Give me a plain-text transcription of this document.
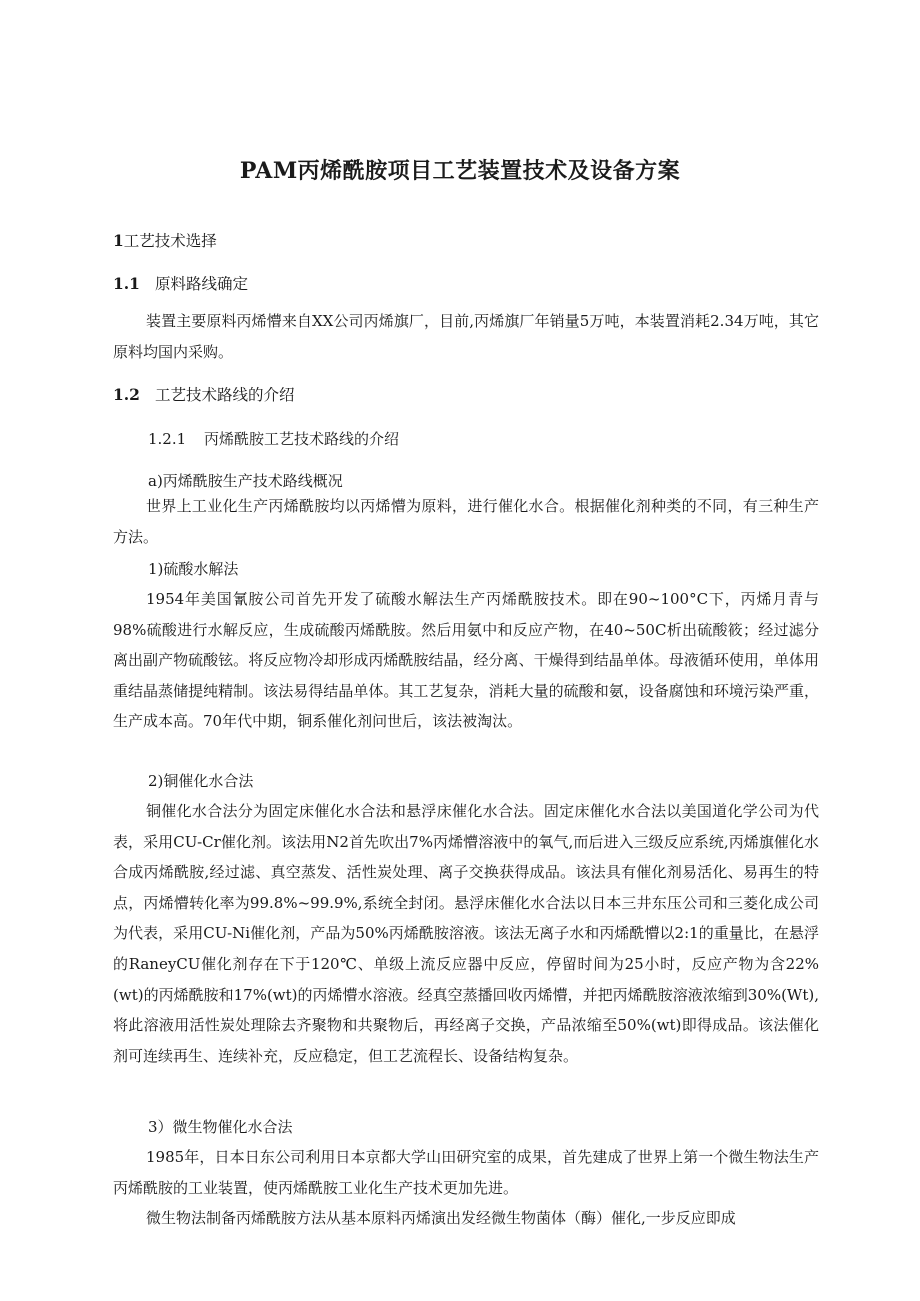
PAM丙烯酰胺项目工艺装置技术及设备方案
1工艺技术选择
1.1 原料路线确定
装置主要原料丙烯懵来自XX公司丙烯旗厂，目前,丙烯旗厂年销量5万吨，本装置消耗2.34万吨，其它原料均国内采购。
1.2 工艺技术路线的介绍
1.2.1 丙烯酰胺工艺技术路线的介绍
a)丙烯酰胺生产技术路线概况
世界上工业化生产丙烯酰胺均以丙烯懵为原料，进行催化水合。根据催化剂种类的不同，有三种生产方法。
1)硫酸水解法
1954年美国氰胺公司首先开发了硫酸水解法生产丙烯酰胺技术。即在90~100°C下，丙烯月青与98%硫酸进行水解反应，生成硫酸丙烯酰胺。然后用氨中和反应产物，在40~50C析出硫酸筱；经过滤分离出副产物硫酸铉。将反应物冷却形成丙烯酰胺结晶，经分离、干燥得到结晶单体。母液循环使用，单体用重结晶蒸储提纯精制。该法易得结晶单体。其工艺复杂，消耗大量的硫酸和氨，设备腐蚀和环境污染严重，生产成本高。70年代中期，铜系催化剂问世后，该法被淘汰。
2)铜催化水合法
铜催化水合法分为固定床催化水合法和悬浮床催化水合法。固定床催化水合法以美国道化学公司为代表，采用CU-Cr催化剂。该法用N2首先吹出7%丙烯懵溶液中的氧气,而后进入三级反应系统,丙烯旗催化水合成丙烯酰胺,经过滤、真空蒸发、活性炭处理、离子交换获得成品。该法具有催化剂易活化、易再生的特点，丙烯懵转化率为99.8%~99.9%,系统全封闭。悬浮床催化水合法以日本三井东压公司和三菱化成公司为代表，采用CU-Ni催化剂，产品为50%丙烯酰胺溶液。该法无离子水和丙烯酰懵以2:1的重量比，在悬浮的RaneyCU催化剂存在下于120℃、单级上流反应器中反应，停留时间为25小时，反应产物为含22%(wt)的丙烯酰胺和17%(wt)的丙烯懵水溶液。经真空蒸播回收丙烯懵，并把丙烯酰胺溶液浓缩到30%(Wt),将此溶液用活性炭处理除去齐聚物和共聚物后，再经离子交换，产品浓缩至50%(wt)即得成品。该法催化剂可连续再生、连续补充，反应稳定，但工艺流程长、设备结构复杂。
3）微生物催化水合法
1985年，日本日东公司利用日本京都大学山田研究室的成果，首先建成了世界上第一个微生物法生产丙烯酰胺的工业装置，使丙烯酰胺工业化生产技术更加先进。
微生物法制备丙烯酰胺方法从基本原料丙烯演出发经微生物菌体（酶）催化,一步反应即成
